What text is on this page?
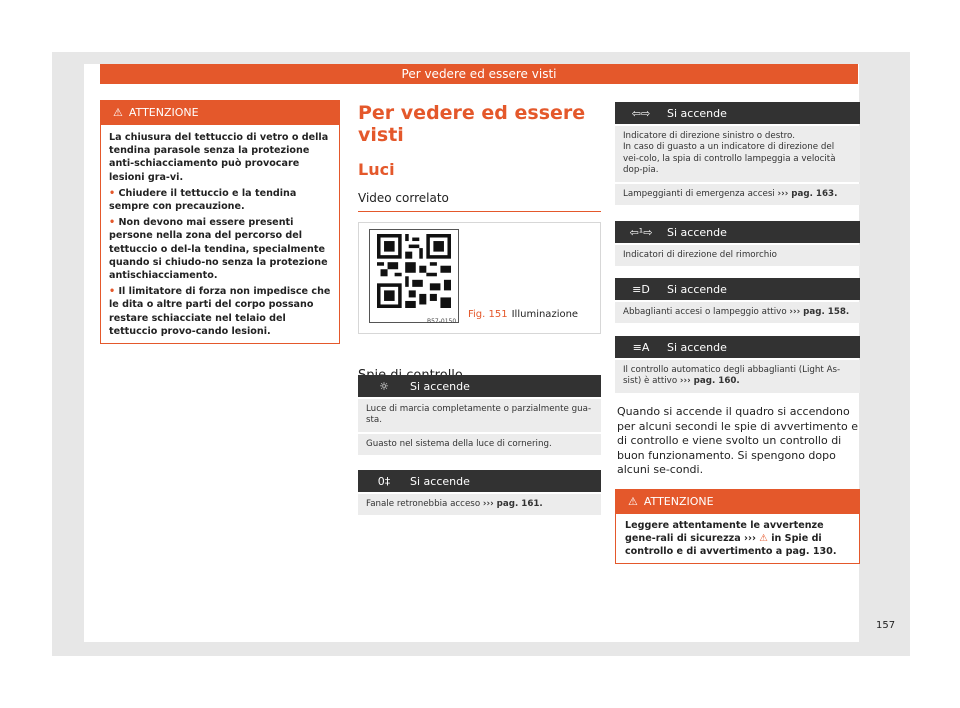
Per vedere ed essere visti
⚠ ATTENZIONE

La chiusura del tettuccio di vetro o della tendina parasole senza la protezione anti-schiacciamento può provocare lesioni gra-vi.

• Chiudere il tettuccio e la tendina sempre con precauzione.

• Non devono mai essere presenti persone nella zona del percorso del tettuccio o del-la tendina, specialmente quando si chiudo-no senza la protezione antischiacciamento.

• Il limitatore di forza non impedisce che le dita o altre parti del corpo possano restare schiacciate nel telaio del tettuccio provo-cando lesioni.

Per vedere ed essere visti
Luci
Video correlato
B57-0150
Fig. 151 Illuminazione
☼	Si accende
Luce di marcia completamente o parzialmente gua-sta.
Guasto nel sistema della luce di cornering.
0‡	Si accende
Fanale retronebbia acceso ››› pag. 161.
⇦⇨	Si accende
Indicatore di direzione sinistro o destro.
In caso di guasto a un indicatore di direzione del vei-colo, la spia di controllo lampeggia a velocità dop-pia.
Lampeggianti di emergenza accesi ››› pag. 163.
⇦¹⇨	Si accende
Indicatori di direzione del rimorchio
≡D	Si accende
Abbaglianti accesi o lampeggio attivo ››› pag. 158.
≡A	Si accende
Il controllo automatico degli abbaglianti (Light As-sist) è attivo ››› pag. 160.
Quando si accende il quadro si accendono per alcuni secondi le spie di avvertimento e di controllo e viene svolto un controllo di buon funzionamento. Si spengono dopo alcuni se-condi.
⚠ ATTENZIONE
Leggere attentamente le avvertenze gene-rali di sicurezza ››› ⚠ in Spie di controllo e di avvertimento a pag. 130.
157
